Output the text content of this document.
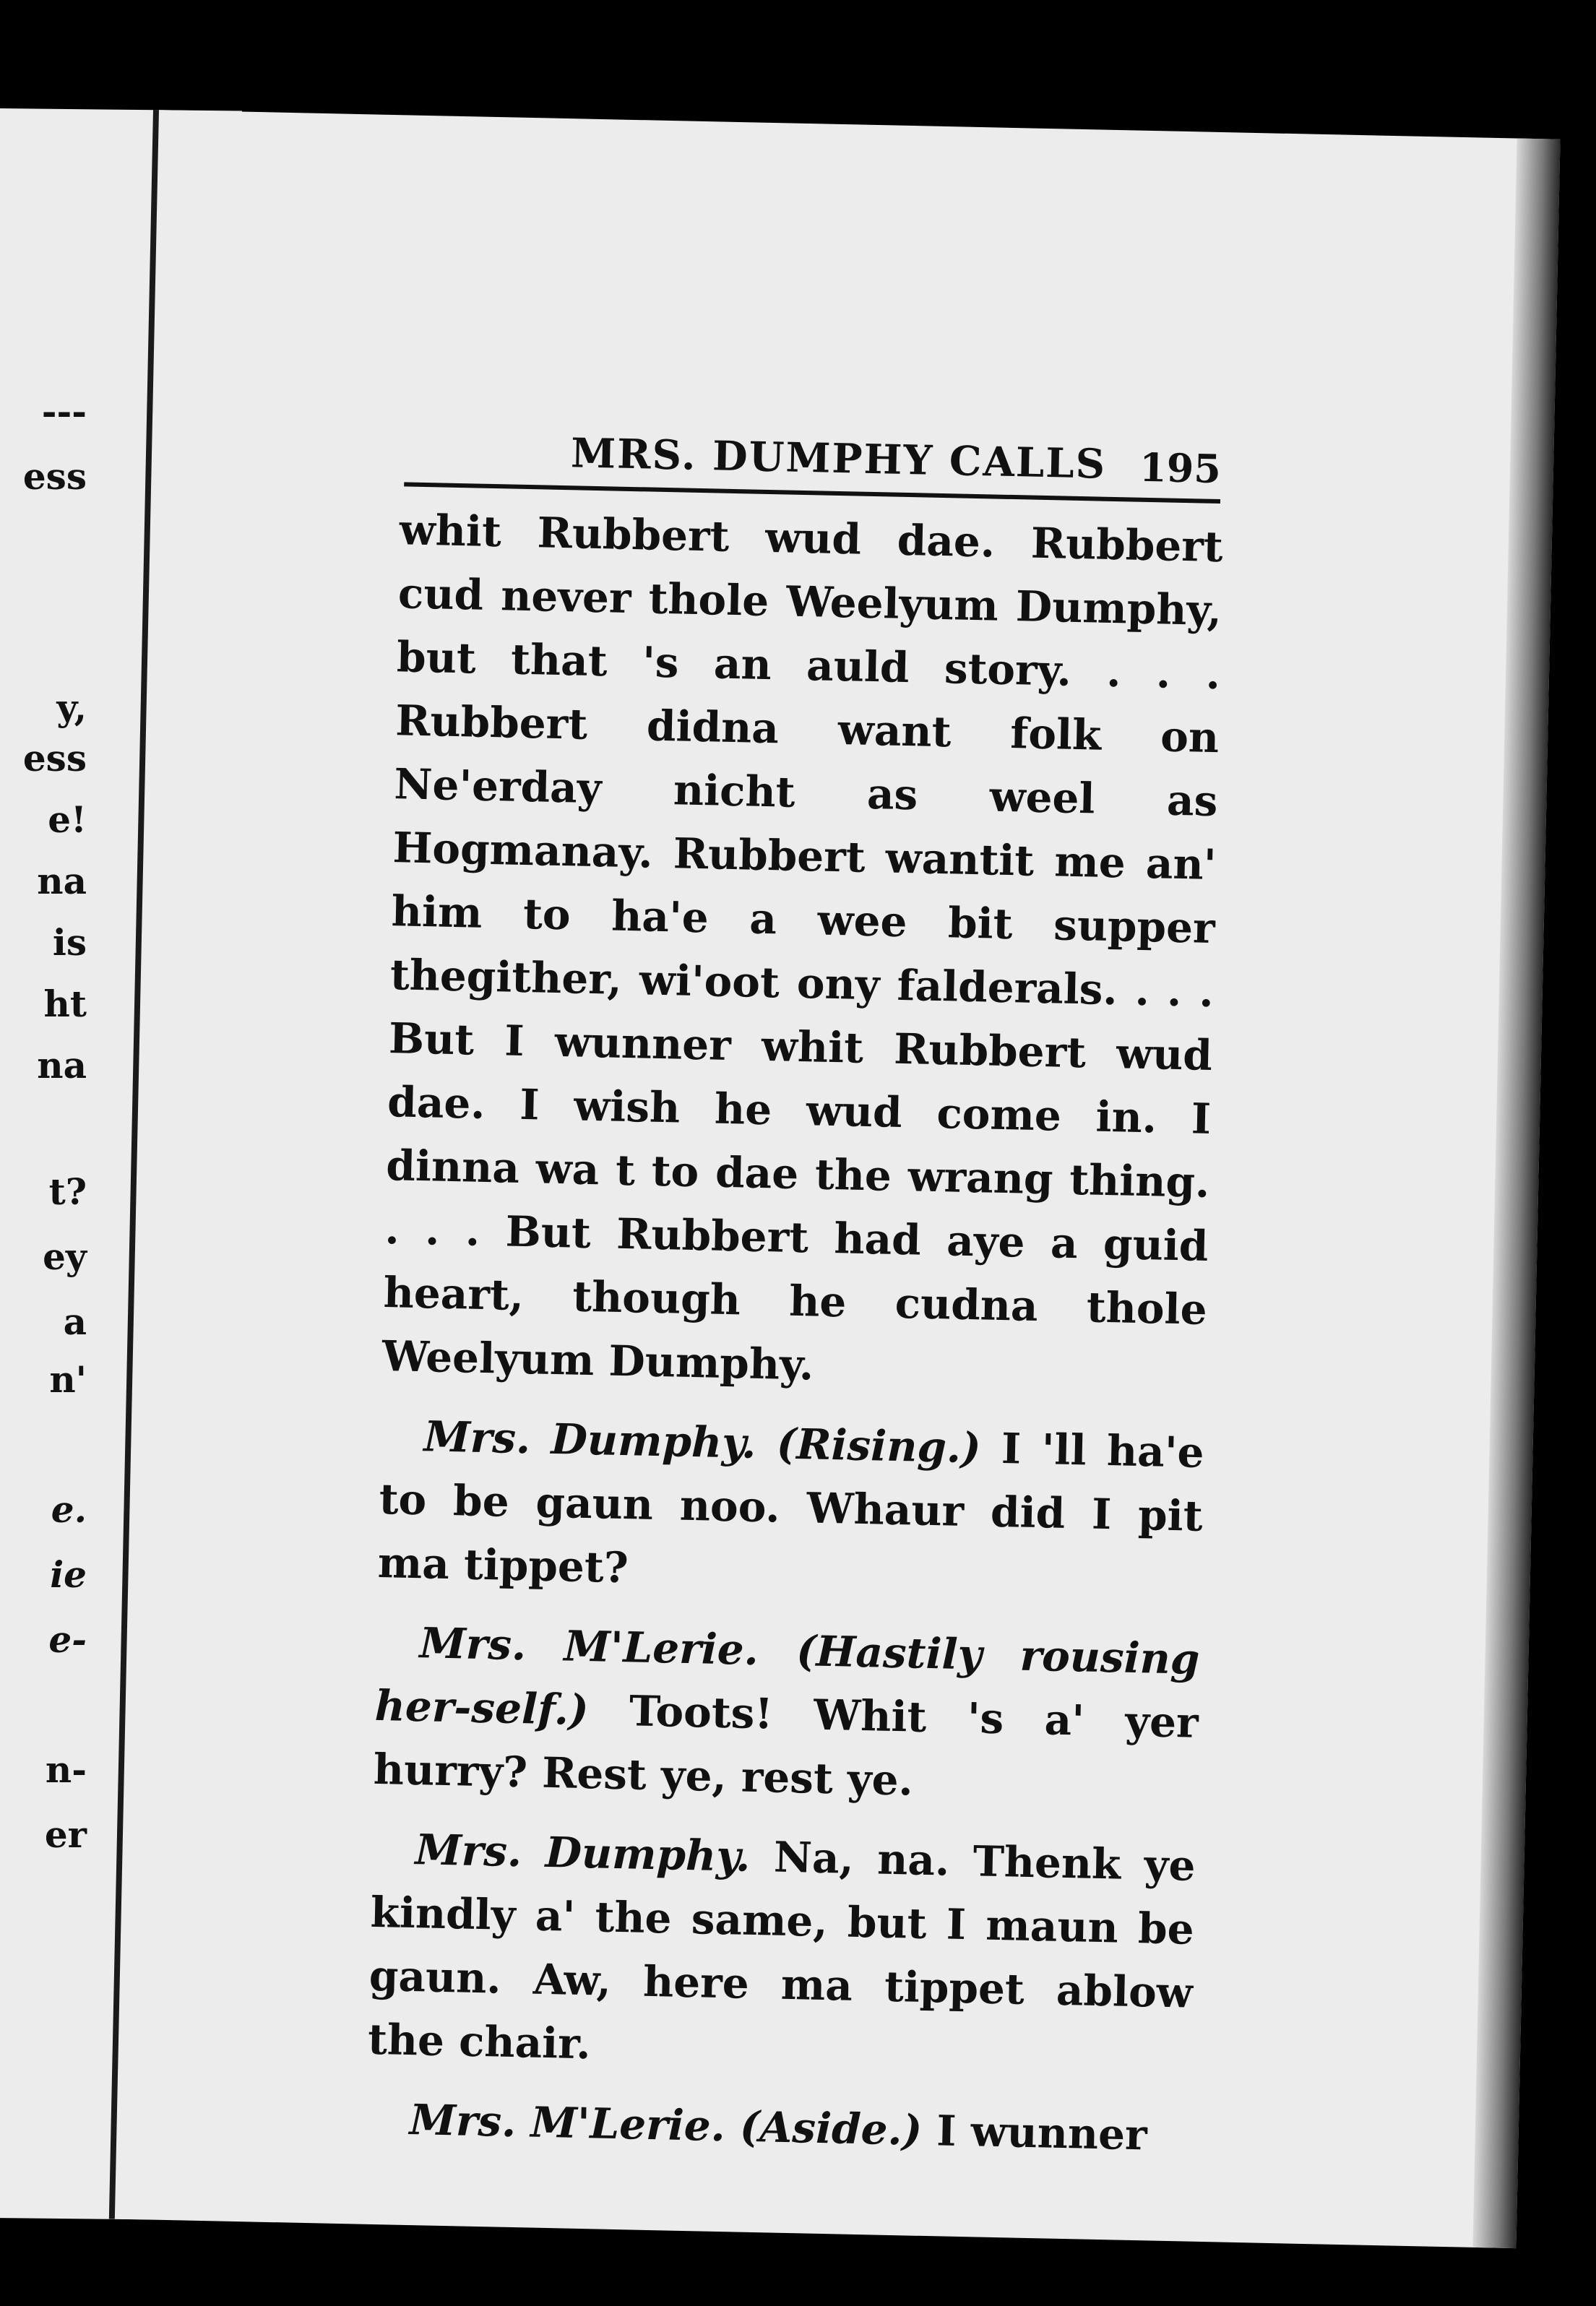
---
ess
y,
ess
e!
na
is
ht
na
t?
ey
a
n'
e.
ie
e-
n-
er
MRS. DUMPHY CALLS 195

whit Rubbert wud dae. Rubbert cud never thole Weelyum Dumphy, but that 's an auld story. . . . Rubbert didna want folk on Ne'erday nicht as weel as Hogmanay. Rubbert wantit me an' him to ha'e a wee bit supper thegither, wi'oot ony falderals. . . . But I wunner whit Rubbert wud dae. I wish he wud come in. I dinna wa t to dae the wrang thing. . . . But Rubbert had aye a guid heart, though he cudna thole Weelyum Dumphy.

Mrs. Dumphy. (Rising.) I 'll ha'e to be gaun noo. Whaur did I pit ma tippet?

Mrs. M'Lerie. (Hastily rousing her-self.) Toots! Whit 's a' yer hurry? Rest ye, rest ye.

Mrs. Dumphy. Na, na. Thenk ye kindly a' the same, but I maun be gaun. Aw, here ma tippet ablow the chair.

Mrs. M'Lerie. (Aside.) I wunner
